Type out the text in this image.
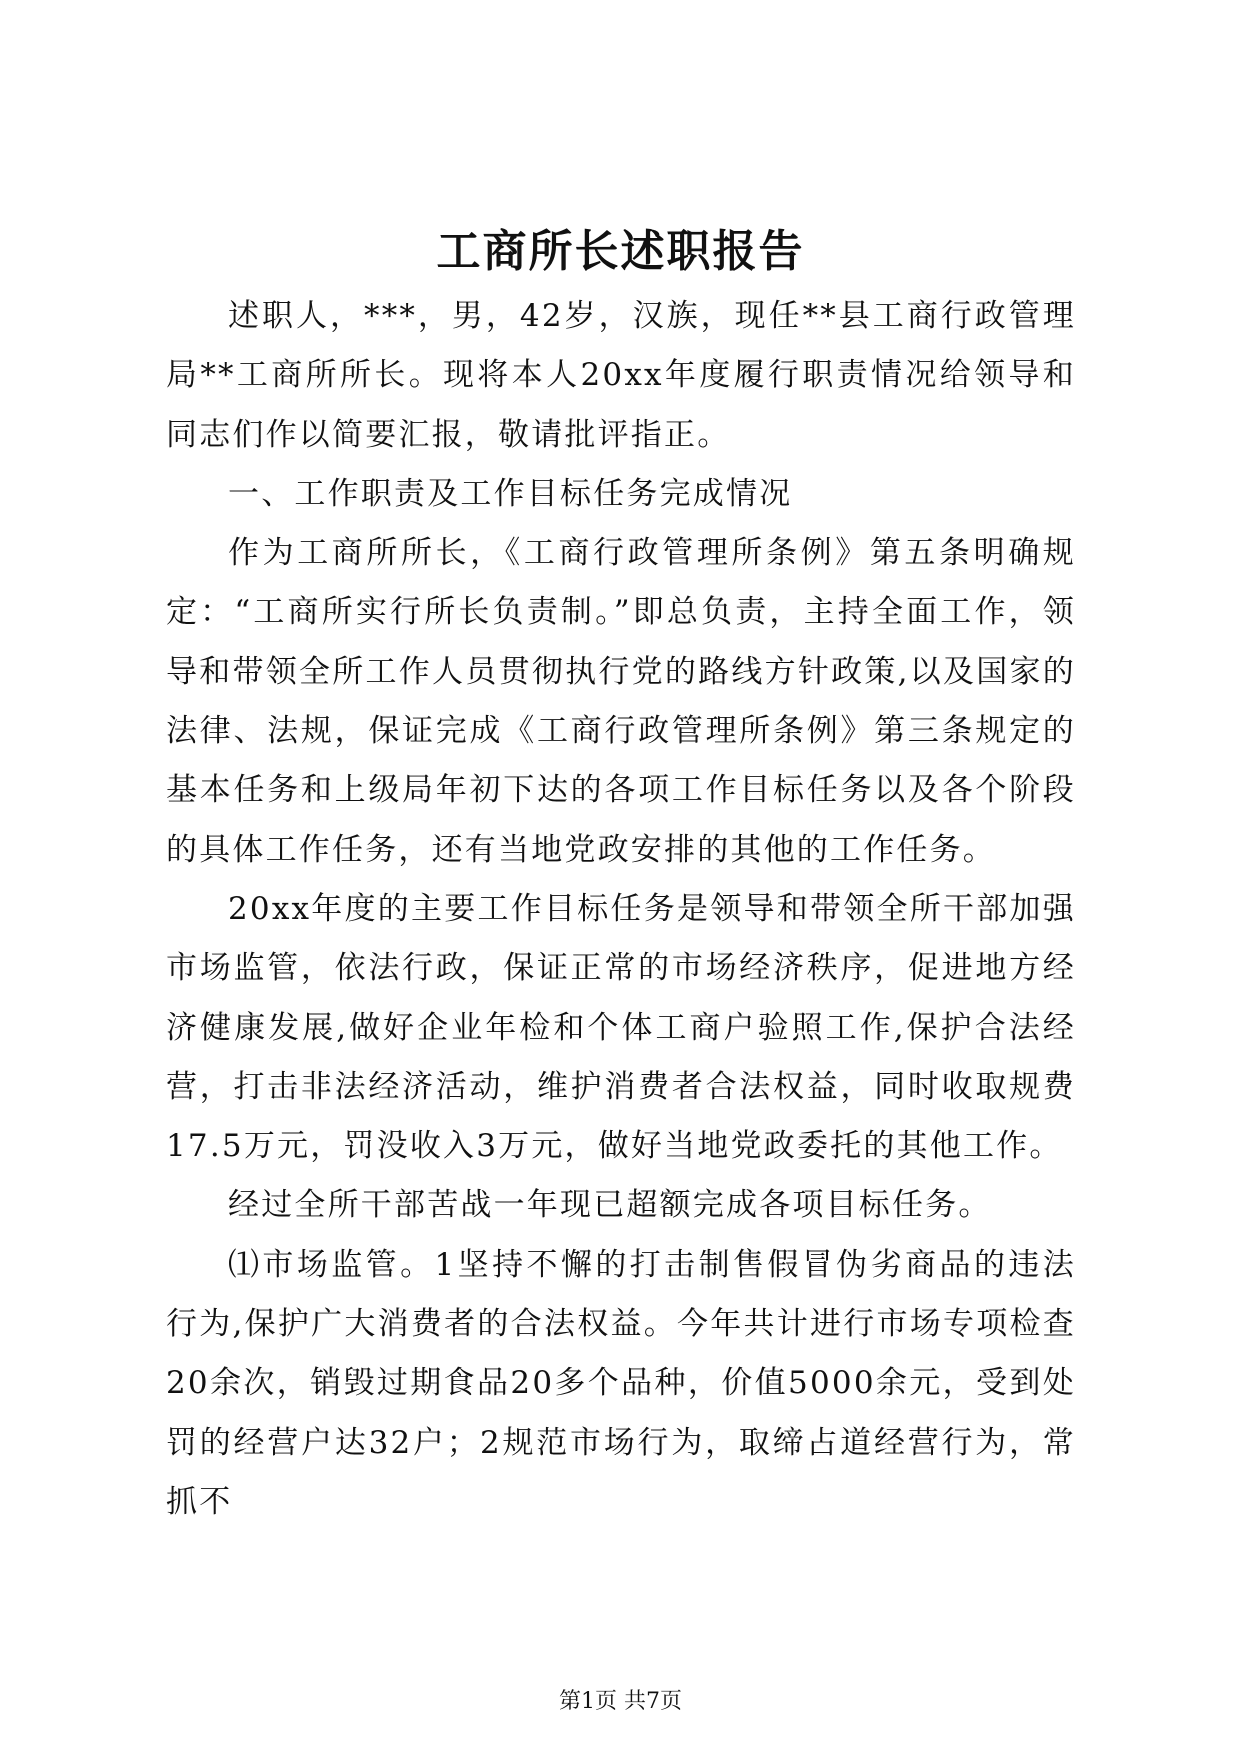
工商所长述职报告

述职人，***，男，42岁，汉族，现任**县工商行政管理局**工商所所长。现将本人20xx年度履行职责情况给领导和同志们作以简要汇报，敬请批评指正。

一、工作职责及工作目标任务完成情况

作为工商所所长，《工商行政管理所条例》第五条明确规定：“工商所实行所长负责制。”即总负责，主持全面工作，领导和带领全所工作人员贯彻执行党的路线方针政策,以及国家的法律、法规，保证完成《工商行政管理所条例》第三条规定的基本任务和上级局年初下达的各项工作目标任务以及各个阶段的具体工作任务，还有当地党政安排的其他的工作任务。

20xx年度的主要工作目标任务是领导和带领全所干部加强市场监管，依法行政，保证正常的市场经济秩序，促进地方经济健康发展,做好企业年检和个体工商户验照工作,保护合法经营，打击非法经济活动，维护消费者合法权益，同时收取规费17.5万元，罚没收入3万元，做好当地党政委托的其他工作。

经过全所干部苦战一年现已超额完成各项目标任务。

⑴市场监管。1坚持不懈的打击制售假冒伪劣商品的违法行为,保护广大消费者的合法权益。今年共计进行市场专项检查20余次，销毁过期食品20多个品种，价值5000余元，受到处罚的经营户达32户；2规范市场行为，取缔占道经营行为，常抓不

第1页 共7页
